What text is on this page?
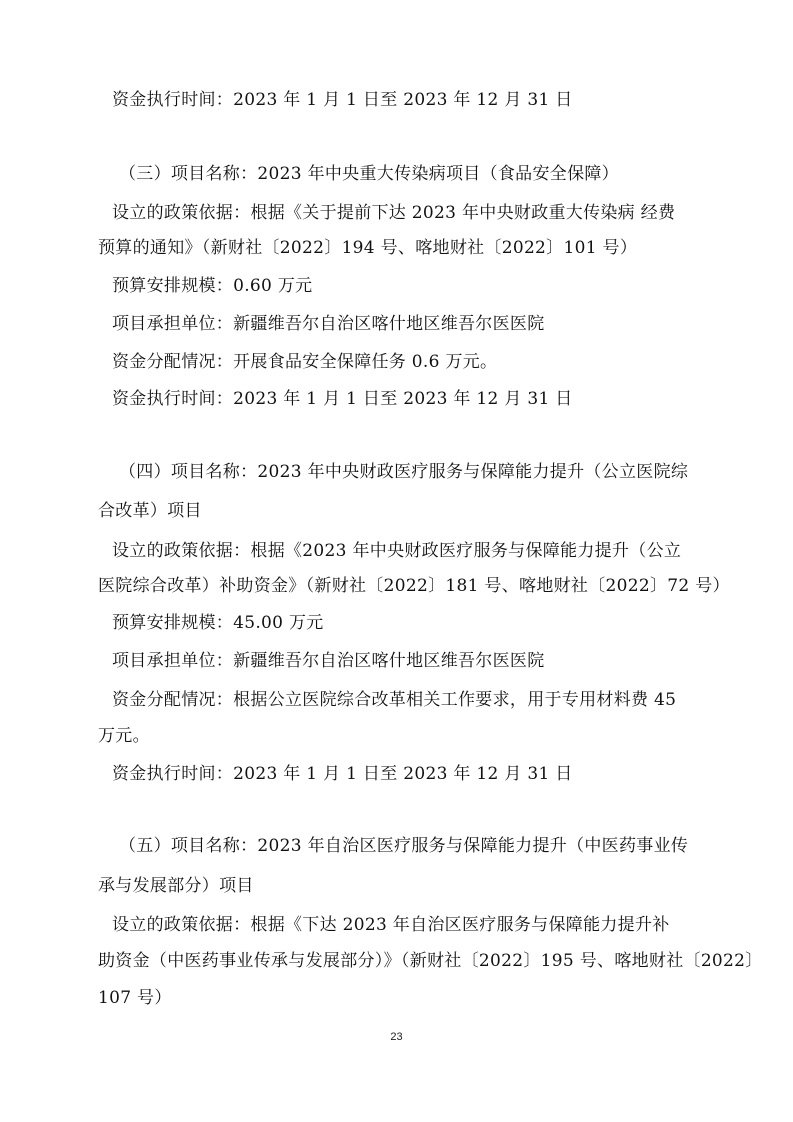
资金执行时间：2023 年 1 月 1 日至 2023 年 12 月 31 日
（三）项目名称：2023 年中央重大传染病项目（食品安全保障）
设立的政策依据：根据《关于提前下达 2023 年中央财政重大传染病 经费
预算的通知》（新财社〔2022〕194 号、喀地财社〔2022〕101 号）
预算安排规模：0.60 万元
项目承担单位：新疆维吾尔自治区喀什地区维吾尔医医院
资金分配情况：开展食品安全保障任务 0.6 万元。
资金执行时间：2023 年 1 月 1 日至 2023 年 12 月 31 日
（四）项目名称：2023 年中央财政医疗服务与保障能力提升（公立医院综
合改革）项目
设立的政策依据：根据《2023 年中央财政医疗服务与保障能力提升（公立
医院综合改革）补助资金》（新财社〔2022〕181 号、喀地财社〔2022〕72 号）
预算安排规模：45.00 万元
项目承担单位：新疆维吾尔自治区喀什地区维吾尔医医院
资金分配情况：根据公立医院综合改革相关工作要求，用于专用材料费 45
万元。
资金执行时间：2023 年 1 月 1 日至 2023 年 12 月 31 日
（五）项目名称：2023 年自治区医疗服务与保障能力提升（中医药事业传
承与发展部分）项目
设立的政策依据：根据《下达 2023 年自治区医疗服务与保障能力提升补
助资金（中医药事业传承与发展部分）》（新财社〔2022〕195 号、喀地财社〔2022〕
107 号）
23
